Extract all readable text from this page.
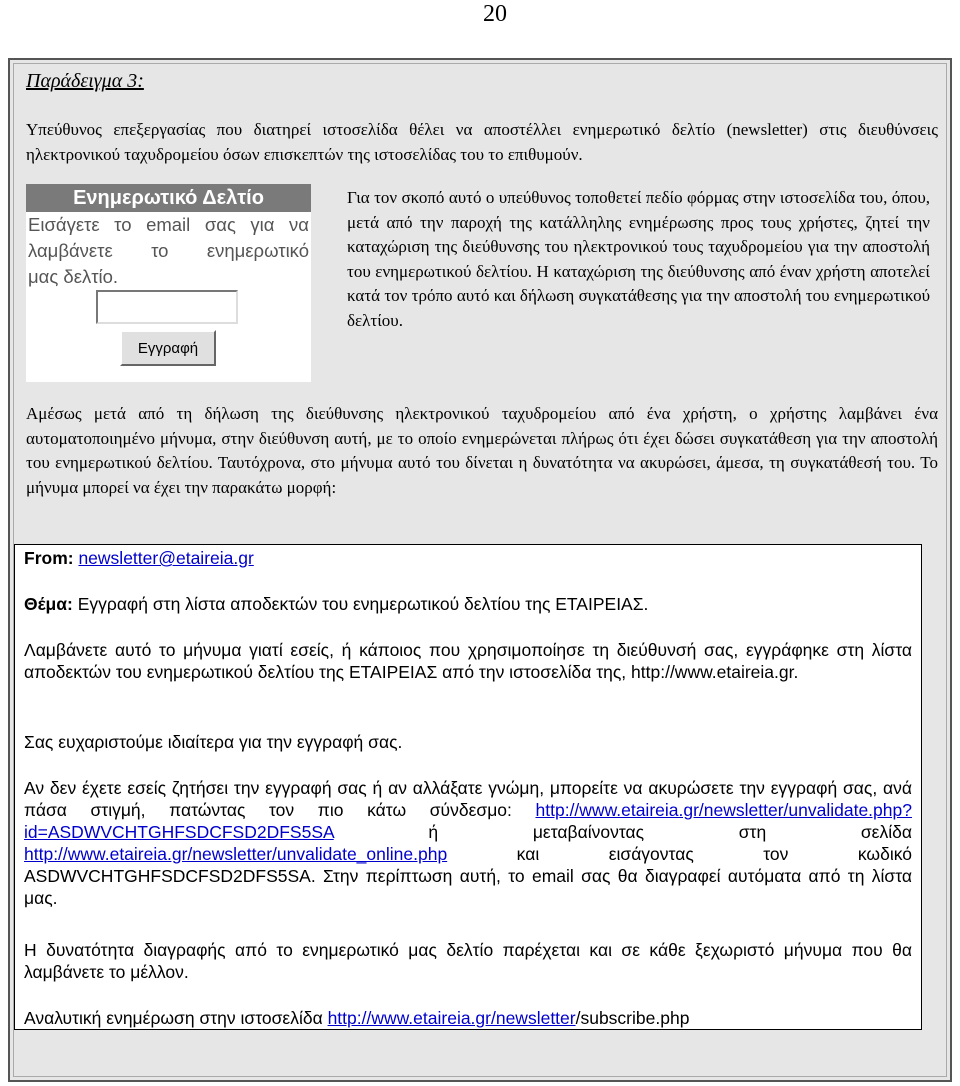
20
Παράδειγμα 3:
Υπεύθυνος επεξεργασίας που διατηρεί ιστοσελίδα θέλει να αποστέλλει ενημερωτικό δελτίο (newsletter) στις διευθύνσεις ηλεκτρονικού ταχυδρομείου όσων επισκεπτών της ιστοσελίδας του το επιθυμούν.
Ενημερωτικό Δελτίο
Εισάγετε το email σας για να λαμβάνετε το ενημερωτικό
μας δελτίο.
Εγγραφή
Για τον σκοπό αυτό ο υπεύθυνος τοποθετεί πεδίο φόρμας στην ιστοσελίδα του, όπου, μετά από την παροχή της κατάλληλης ενημέρωσης προς τους χρήστες, ζητεί την καταχώριση της διεύθυνσης του ηλεκτρονικού τους ταχυδρομείου για την αποστολή του ενημερωτικού δελτίου. Η καταχώριση της διεύθυνσης από έναν χρήστη αποτελεί κατά τον τρόπο αυτό και δήλωση συγκατάθεσης για την αποστολή του ενημερωτικού δελτίου.
Αμέσως μετά από τη δήλωση της διεύθυνσης ηλεκτρονικού ταχυδρομείου από ένα χρήστη, ο χρήστης λαμβάνει ένα αυτοματοποιημένο μήνυμα, στην διεύθυνση αυτή, με το οποίο ενημερώνεται πλήρως ότι έχει δώσει συγκατάθεση για την αποστολή του ενημερωτικού δελτίου. Ταυτόχρονα, στο μήνυμα αυτό του δίνεται η δυνατότητα να ακυρώσει, άμεσα, τη συγκατάθεσή του. Το μήνυμα μπορεί να έχει την παρακάτω μορφή:
From: newsletter@etaireia.gr
Θέμα: Εγγραφή στη λίστα αποδεκτών του ενημερωτικού δελτίου της ΕΤΑΙΡΕΙΑΣ.
Λαμβάνετε αυτό το μήνυμα γιατί εσείς, ή κάποιος που χρησιμοποίησε τη διεύθυνσή σας, εγγράφηκε στη λίστα αποδεκτών του ενημερωτικού δελτίου της ΕΤΑΙΡΕΙΑΣ από την ιστοσελίδα της, http://www.etaireia.gr.
Σας ευχαριστούμε ιδιαίτερα για την εγγραφή σας.
Αν δεν έχετε εσείς ζητήσει την εγγραφή σας ή αν αλλάξατε γνώμη, μπορείτε να ακυρώσετε την εγγραφή σας, ανά πάσα στιγμή, πατώντας τον πιο κάτω σύνδεσμο: http://www.etaireia.gr/newsletter/unvalidate.php?id=ASDWVCHTGHFSDCFSD2DFS5SA	ή μεταβαίνοντας στη σελίδα http://www.etaireia.gr/newsletter/unvalidate_online.php	και εισάγοντας τον κωδικό ASDWVCHTGHFSDCFSD2DFS5SA. Στην περίπτωση αυτή, το email σας θα διαγραφεί αυτόματα από τη λίστα μας.
Η δυνατότητα διαγραφής από το ενημερωτικό μας δελτίο παρέχεται και σε κάθε ξεχωριστό μήνυμα που θα λαμβάνετε το μέλλον.
Αναλυτική ενημέρωση στην ιστοσελίδα http://www.etaireia.gr/newsletter/subscribe.php
